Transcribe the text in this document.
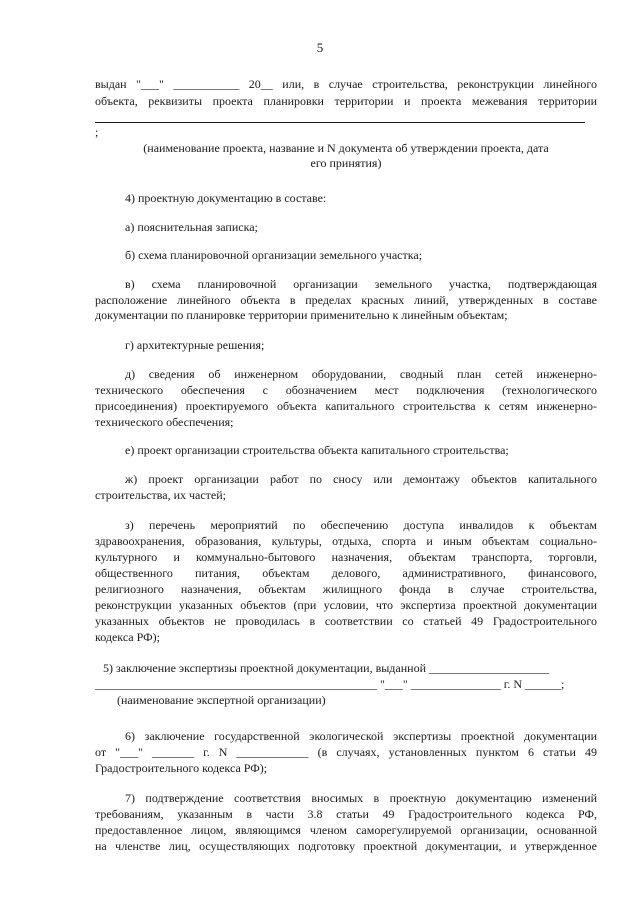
5
выдан "___" ___________ 20__ или, в случае строительства, реконструкции линейного
объекта, реквизиты проекта планировки территории и проекта межевания территории
;
(наименование проекта, название и N документа об утверждении проекта, дата
его принятия)
4) проектную документацию в составе:
а) пояснительная записка;
б) схема планировочной организации земельного участка;
в) схема планировочной организации земельного участка, подтверждающая
расположение линейного объекта в пределах красных линий, утвержденных в составе
документации по планировке территории применительно к линейным объектам;
г) архитектурные решения;
д) сведения об инженерном оборудовании, сводный план сетей инженерно-
технического обеспечения с обозначением мест подключения (технологического
присоединения) проектируемого объекта капитального строительства к сетям инженерно-
технического обеспечения;
е) проект организации строительства объекта капитального строительства;
ж) проект организации работ по сносу или демонтажу объектов капитального
строительства, их частей;
з) перечень мероприятий по обеспечению доступа инвалидов к объектам
здравоохранения, образования, культуры, отдыха, спорта и иным объектам социально-
культурного и коммунально-бытового назначения, объектам транспорта, торговли,
общественного питания, объектам делового, административного, финансового,
религиозного назначения, объектам жилищного фонда в случае строительства,
реконструкции указанных объектов (при условии, что экспертиза проектной документации
указанных объектов не проводилась в соответствии со статьей 49 Градостроительного
кодекса РФ);
5) заключение экспертизы проектной документации, выданной ____________________
_______________________________________________ "___" _______________ г. N ______;
(наименование экспертной организации)
6) заключение государственной экологической экспертизы проектной документации
от "___" _______ г. N ____________ (в случаях, установленных пунктом 6 статьи 49
Градостроительного кодекса РФ);
7) подтверждение соответствия вносимых в проектную документацию изменений
требованиям, указанным в части 3.8 статьи 49 Градостроительного кодекса РФ,
предоставленное лицом, являющимся членом саморегулируемой организации, основанной
на членстве лиц, осуществляющих подготовку проектной документации, и утвержденное
